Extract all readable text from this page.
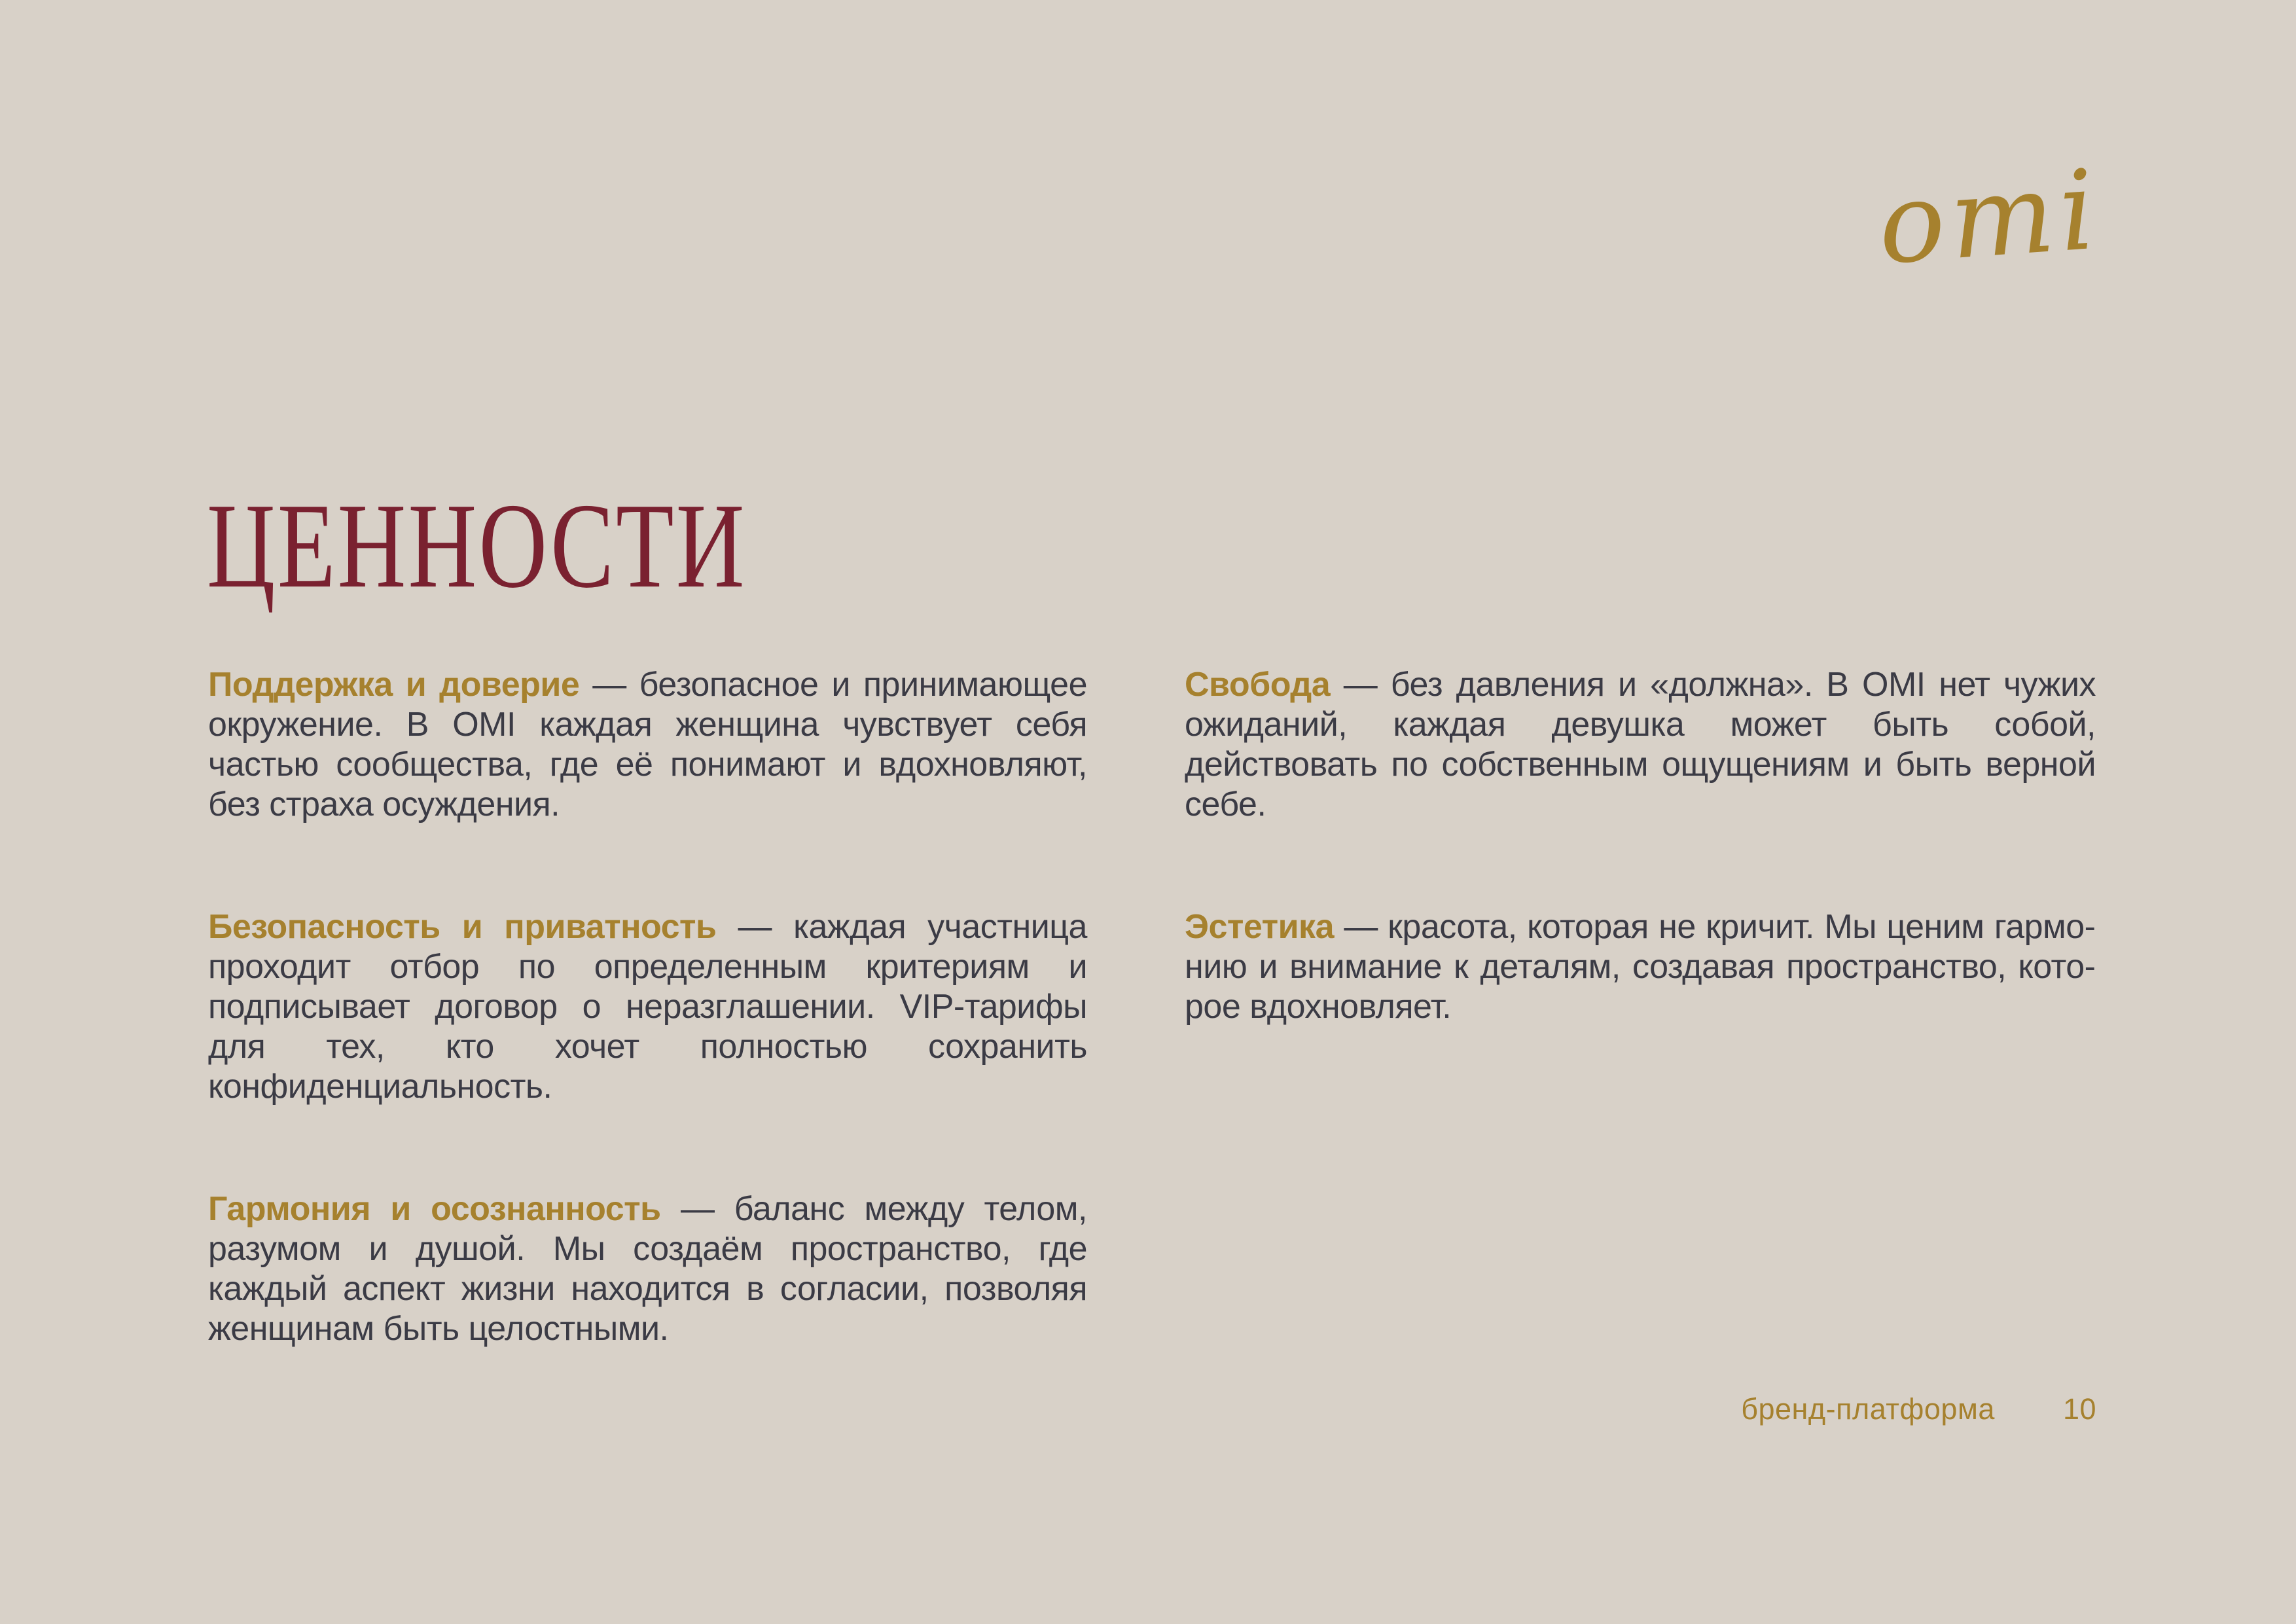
omi
ЦЕННОСТИ

Поддержка и доверие — безопасное и принимающее окружение. В OMI каждая женщина чувствует себя частью сообщества, где её понимают и вдохновляют, без страха осуждения.

Свобода — без давления и «должна». В OMI нет чужих ожиданий, каждая девушка может быть собой, действовать по собственным ощущениям и быть верной себе.

Безопасность и приватность — каждая участница проходит отбор по определенным критериям и подписывает договор о неразглашении. VIP-тарифы для тех, кто хочет полностью сохранить конфиденциальность.

Эстетика — красота, которая не кричит. Мы ценим гармонию и внимание к деталям, создавая пространство, которое вдохновляет.

Гармония и осознанность — баланс между телом, разумом и душой. Мы создаём пространство, где каждый аспект жизни находится в согласии, позволяя женщинам быть целостными.

бренд-платформа 10
